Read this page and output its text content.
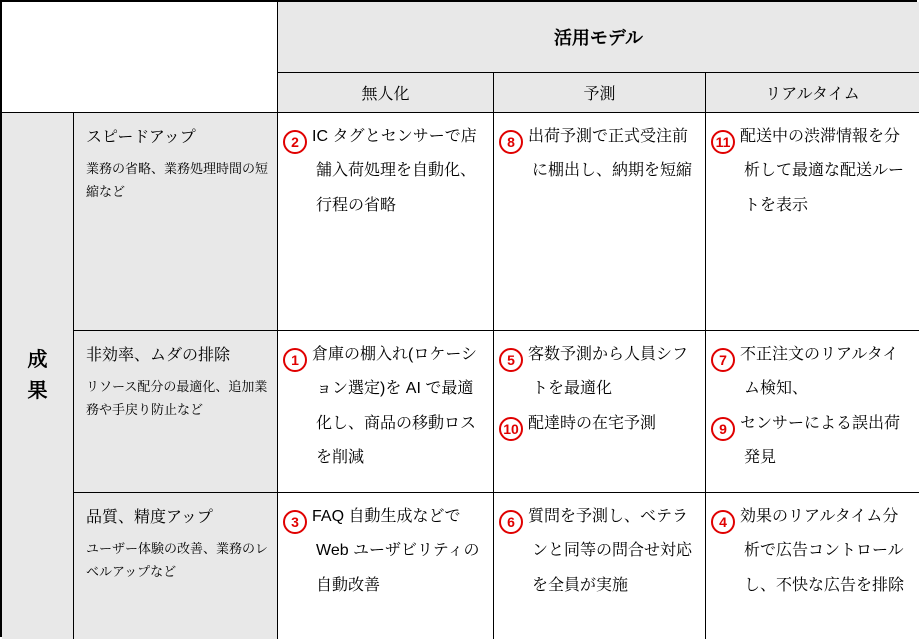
活用モデル
無人化	予測	リアルタイム
成果

スピードアップ

業務の省略、業務処理時間の短縮など

2 IC タグとセンサーで店舗入荷処理を自動化、行程の省略

8 出荷予測で正式受注前に棚出し、納期を短縮

11 配送中の渋滞情報を分析して最適な配送ルートを表示

非効率、ムダの排除

リソース配分の最適化、追加業務や手戻り防止など

1 倉庫の棚入れ(ロケーション選定)を AI で最適化し、商品の移動ロスを削減

5 客数予測から人員シフトを最適化

10 配達時の在宅予測

7 不正注文のリアルタイム検知、

9 センサーによる誤出荷発見

品質、精度アップ

ユーザー体験の改善、業務のレベルアップなど

3 FAQ 自動生成などで Web ユーザビリティの自動改善

6 質問を予測し、ベテランと同等の問合せ対応を全員が実施

4 効果のリアルタイム分析で広告コントロールし、不快な広告を排除
